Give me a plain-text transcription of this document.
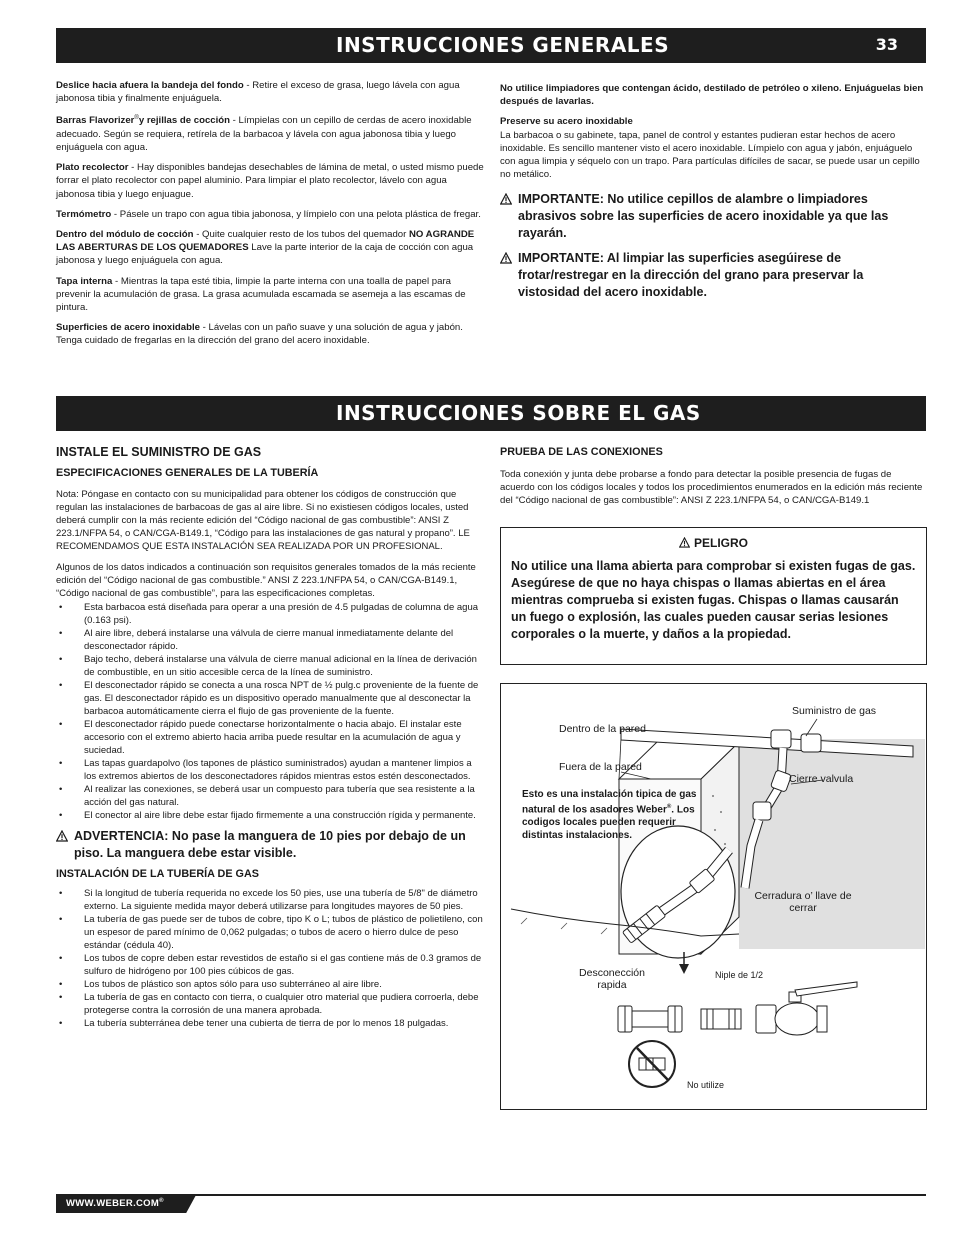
INSTRUCCIONES GENERALES	33

Deslice hacia afuera la bandeja del fondo - Retire el exceso de grasa, luego lávela con agua jabonosa tibia y finalmente enjuáguela.

Barras Flavorizer®y rejillas de cocción - Límpielas con un cepillo de cerdas de acero inoxidable adecuado. Según se requiera, retírela de la barbacoa y lávela con agua jabonosa tibia y luego enjuáguela con agua.

Plato recolector - Hay disponibles bandejas desechables de lámina de metal, o usted mismo puede forrar el plato recolector con papel aluminio. Para limpiar el plato recolector, lávelo con agua jabonosa tibia y luego enjuague.

Termómetro - Pásele un trapo con agua tibia jabonosa, y límpielo con una pelota plástica de fregar.

Dentro del módulo de cocción - Quite cualquier resto de los tubos del quemador NO AGRANDE LAS ABERTURAS DE LOS QUEMADORES Lave la parte interior de la caja de cocción con agua jabonosa y luego enjuáguela con agua.

Tapa interna - Mientras la tapa esté tibia, limpie la parte interna con una toalla de papel para prevenir la acumulación de grasa. La grasa acumulada escamada se asemeja a las escamas de pintura.

Superficies de acero inoxidable - Lávelas con un paño suave y una solución de agua y jabón. Tenga cuidado de fregarlas en la dirección del grano del acero inoxidable.

No utilice limpiadores que contengan ácido, destilado de petróleo o xileno. Enjuáguelas bien después de lavarlas.

Preserve su acero inoxidable
La barbacoa o su gabinete, tapa, panel de control y estantes pudieran estar hechos de acero inoxidable. Es sencillo mantener visto el acero inoxidable. Límpielo con agua y jabón, enjuáguelo con agua limpia y séquelo con un trapo. Para partículas difíciles de sacar, se puede usar un cepillo no metálico.

IMPORTANTE: No utilice cepillos de alambre o limpiadores abrasivos sobre las superficies de acero inoxidable ya que las rayarán.
IMPORTANTE: Al limpiar las superficies asegúirese de frotar/restregar en la dirección del grano para preservar la vistosidad del acero inoxidable.
INSTRUCCIONES SOBRE EL GAS
INSTALE EL SUMINISTRO DE GAS
ESPECIFICACIONES GENERALES DE LA TUBERÍA

Nota: Póngase en contacto con su municipalidad para obtener los códigos de construcción que regulan las instalaciones de barbacoas de gas al aire libre. Si no existiesen códigos locales, usted deberá cumplir con la más reciente edición del “Código nacional de gas combustible”: ANSI Z 223.1/NFPA 54, o CAN/CGA-B149.1, “Código para las instalaciones de gas natural y propano”. LE RECOMENDAMOS QUE ESTA INSTALACIÓN SEA REALIZADA POR UN PROFESIONAL.

Algunos de los datos indicados a continuación son requisitos generales tomados de la más reciente edición del “Código nacional de gas combustible.” ANSI Z 223.1/NFPA 54, o CAN/CGA-B149.1, “Código nacional de gas combustible”, para las especificaciones completas.

• Esta barbacoa está diseñada para operar a una presión de 4.5 pulgadas de columna de agua (0.163 psi).
• Al aire libre, deberá instalarse una válvula de cierre manual inmediatamente delante del desconectador rápido.
• Bajo techo, deberá instalarse una válvula de cierre manual adicional en la línea de derivación de combustible, en un sitio accesible cerca de la línea de suministro.
• El desconectador rápido se conecta a una rosca NPT de ½ pulg.c proveniente de la fuente de gas. El desconectador rápido es un dispositivo operado manualmente que al desconectar la barbacoa automáticamente cierra el flujo de gas proveniente de la fuente.
• El desconectador rápido puede conectarse horizontalmente o hacia abajo. El instalar este accesorio con el extremo abierto hacia arriba puede resultar en la acumulación de agua y suciedad.
• Las tapas guardapolvo (los tapones de plástico suministrados) ayudan a mantener limpios a los extremos abiertos de los desconectadores rápidos mientras estos estén desconectados.
• Al realizar las conexiones, se deberá usar un compuesto para tubería que sea resistente a la acción del gas natural.
• El conector al aire libre debe estar fijado firmemente a una construcción rígida y permanente.
ADVERTENCIA: No pase la manguera de 10 pies por debajo de un piso. La manguera debe estar visible.
INSTALACIÓN DE LA TUBERÍA DE GAS
• Si la longitud de tubería requerida no excede los 50 pies, use una tubería de 5/8" de diámetro externo. La siguiente medida mayor deberá utilizarse para longitudes mayores de 50 pies.
• La tubería de gas puede ser de tubos de cobre, tipo K o L; tubos de plástico de polietileno, con un espesor de pared mínimo de 0,062 pulgadas; o tubos de acero o hierro dulce de peso estándar (cédula 40).
• Los tubos de copre deben estar revestidos de estaño si el gas contiene más de 0.3 gramos de sulfuro de hidrógeno por 100 pies cúbicos de gas.
• Los tubos de plástico son aptos sólo para uso subterráneo al aire libre.
• La tubería de gas en contacto con tierra, o cualquier otro material que pudiera corroerla, debe protegerse contra la corrosión de una manera aprobada.
• La tubería subterránea debe tener una cubierta de tierra de por lo menos 18 pulgadas.
PRUEBA DE LAS CONEXIONES

Toda conexión y junta debe probarse a fondo para detectar la posible presencia de fugas de acuerdo con los códigos locales y todos los procedimientos enumerados en la edición más reciente del “Código nacional de gas combustible”: ANSI Z 223.1/NFPA 54, o CAN/CGA-B149.1

PELIGRO
No utilice una llama abierta para comprobar si existen fugas de gas. Asegúrese de que no haya chispas o llamas abiertas en el área mientras comprueba si existen fugas. Chispas o llamas causarán un fuego o explosión, las cuales pueden causar serias lesiones corporales o la muerte, y daños a la propiedad.
Suministro de gas
Dentro de la pared
Fuera de la pared
Cierre valvula
Esto es una instalación tipica de gas natural de los asadores Weber®. Los codigos locales pueden requerir distintas instalaciones.
Cerradura o’ llave de cerrar
Desconección rapida
Niple de 1/2
No utilize
WWW.WEBER.COM®
